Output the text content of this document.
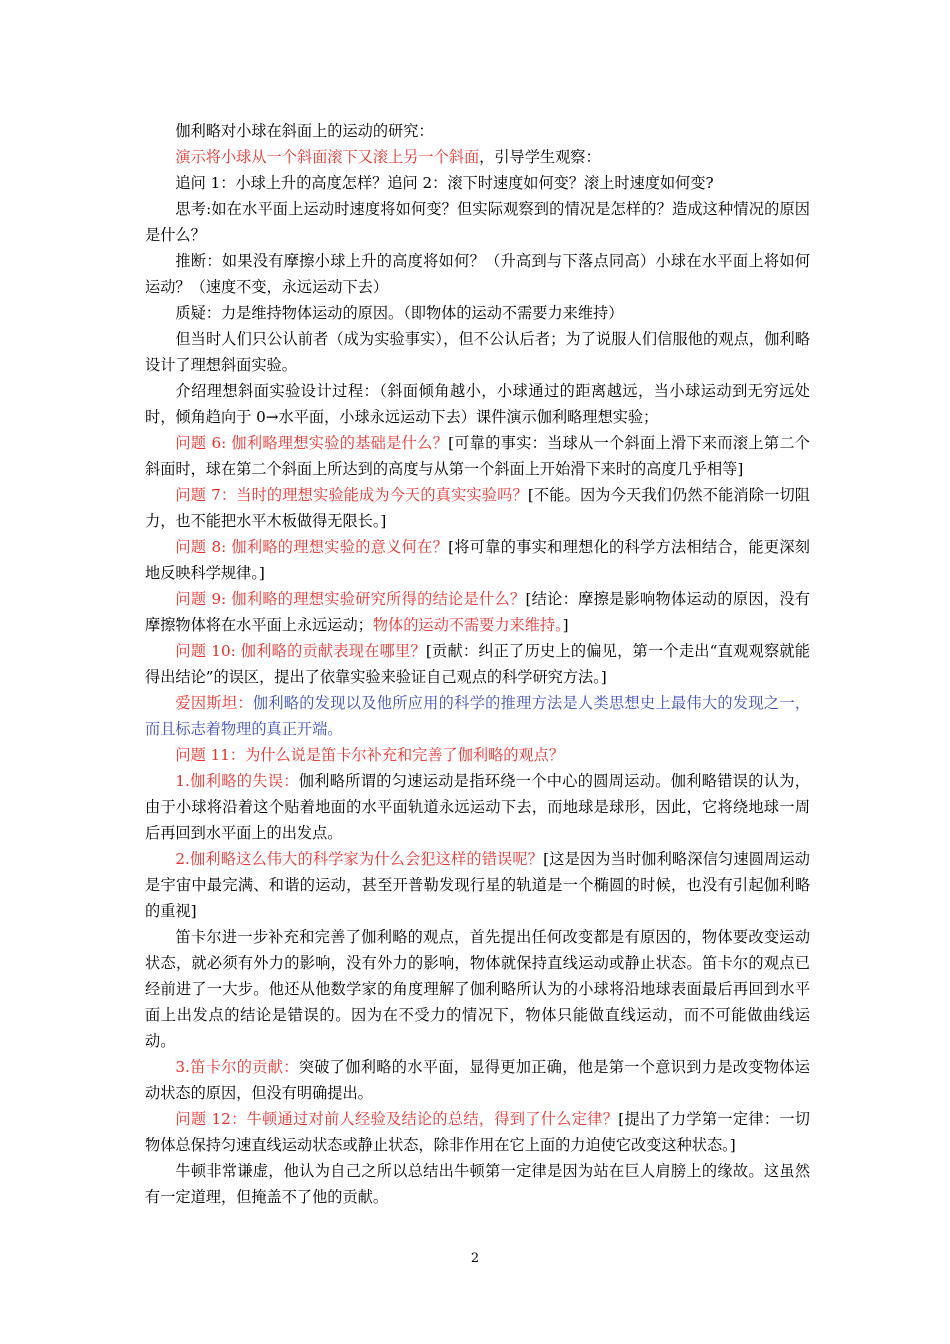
伽利略对小球在斜面上的运动的研究：

演示将小球从一个斜面滚下又滚上另一个斜面，引导学生观察：

追问 1：小球上升的高度怎样？追问 2：滚下时速度如何变？滚上时速度如何变?

思考:如在水平面上运动时速度将如何变？但实际观察到的情况是怎样的？造成这种情况的原因是什么？

推断：如果没有摩擦小球上升的高度将如何？（升高到与下落点同高）小球在水平面上将如何运动？（速度不变，永远运动下去）

质疑：力是维持物体运动的原因。（即物体的运动不需要力来维持）

但当时人们只公认前者（成为实验事实），但不公认后者；为了说服人们信服他的观点，伽利略设计了理想斜面实验。

介绍理想斜面实验设计过程：（斜面倾角越小，小球通过的距离越远，当小球运动到无穷远处时，倾角趋向于 0→水平面，小球永远运动下去）课件演示伽利略理想实验；

问题 6: 伽利略理想实验的基础是什么？[可靠的事实：当球从一个斜面上滑下来而滚上第二个斜面时，球在第二个斜面上所达到的高度与从第一个斜面上开始滑下来时的高度几乎相等]

问题 7：当时的理想实验能成为今天的真实实验吗？[不能。因为今天我们仍然不能消除一切阻力，也不能把水平木板做得无限长。]

问题 8: 伽利略的理想实验的意义何在？[将可靠的事实和理想化的科学方法相结合，能更深刻地反映科学规律。]

问题 9: 伽利略的理想实验研究所得的结论是什么？[结论：摩擦是影响物体运动的原因，没有摩擦物体将在水平面上永远运动；物体的运动不需要力来维持。]

问题 10: 伽利略的贡献表现在哪里？[贡献：纠正了历史上的偏见，第一个走出“直观观察就能得出结论”的误区，提出了依靠实验来验证自己观点的科学研究方法。]

爱因斯坦：伽利略的发现以及他所应用的科学的推理方法是人类思想史上最伟大的发现之一，而且标志着物理的真正开端。

问题 11：为什么说是笛卡尔补充和完善了伽利略的观点？

1.伽利略的失误：伽利略所谓的匀速运动是指环绕一个中心的圆周运动。伽利略错误的认为，由于小球将沿着这个贴着地面的水平面轨道永远运动下去，而地球是球形，因此，它将绕地球一周后再回到水平面上的出发点。

2.伽利略这么伟大的科学家为什么会犯这样的错误呢？[这是因为当时伽利略深信匀速圆周运动是宇宙中最完满、和谐的运动，甚至开普勒发现行星的轨道是一个椭圆的时候，也没有引起伽利略的重视]

笛卡尔进一步补充和完善了伽利略的观点，首先提出任何改变都是有原因的，物体要改变运动状态，就必须有外力的影响，没有外力的影响，物体就保持直线运动或静止状态。笛卡尔的观点已经前进了一大步。他还从他数学家的角度理解了伽利略所认为的小球将沿地球表面最后再回到水平面上出发点的结论是错误的。因为在不受力的情况下，物体只能做直线运动，而不可能做曲线运动。

3.笛卡尔的贡献：突破了伽利略的水平面，显得更加正确，他是第一个意识到力是改变物体运动状态的原因，但没有明确提出。

问题 12：牛顿通过对前人经验及结论的总结，得到了什么定律？[提出了力学第一定律：一切物体总保持匀速直线运动状态或静止状态，除非作用在它上面的力迫使它改变这种状态。]

牛顿非常谦虚，他认为自己之所以总结出牛顿第一定律是因为站在巨人肩膀上的缘故。这虽然有一定道理，但掩盖不了他的贡献。

2
